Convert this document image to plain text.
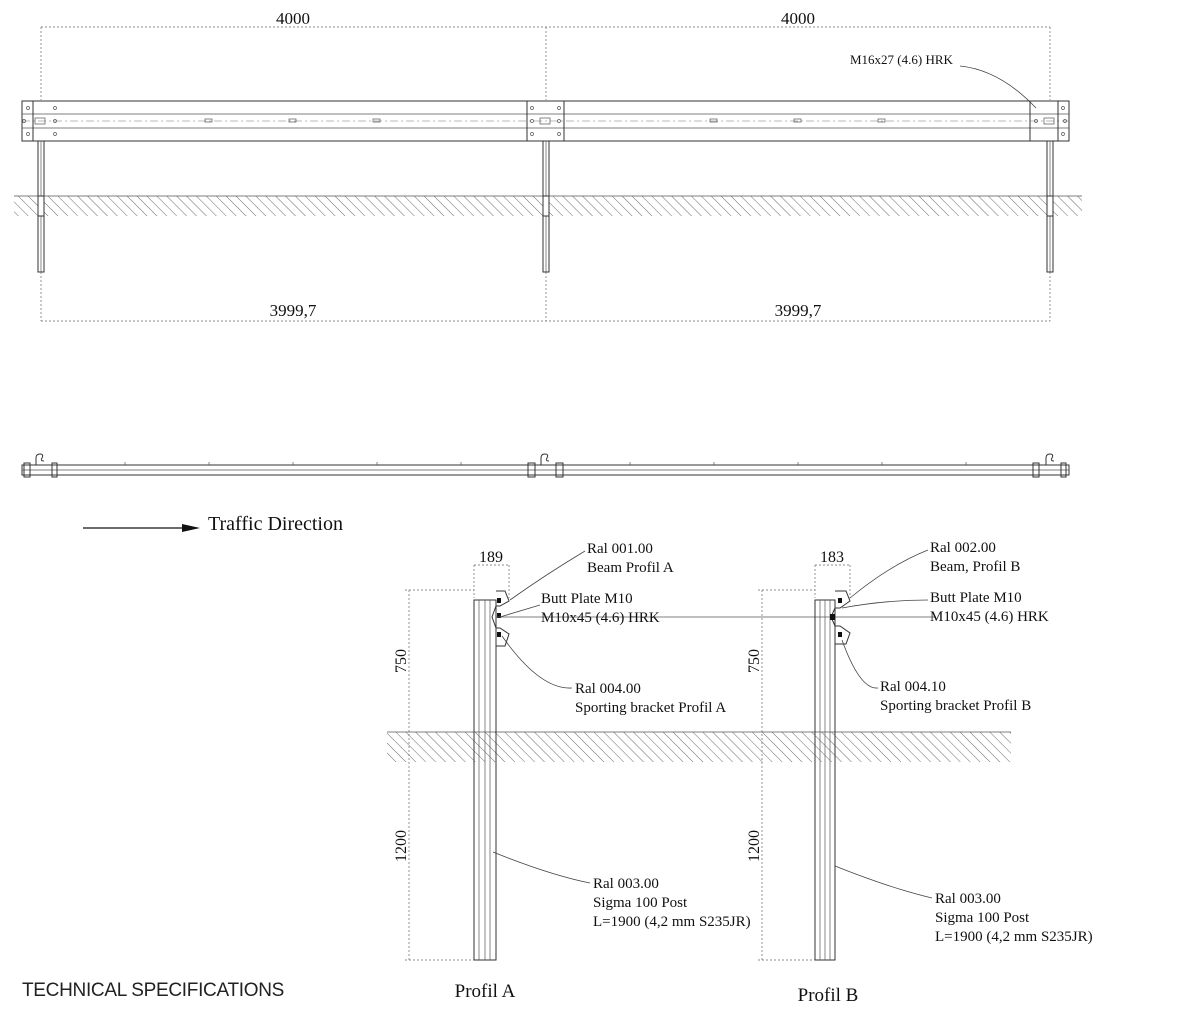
4000	4000
M16x27 (4.6) HRK
3999,7	3999,7
Traffic Direction
189
750
1200
Ral 001.00
Beam Profil A
Butt Plate M10
M10x45 (4.6) HRK
Ral 004.00
Sporting bracket Profil A
Ral 003.00
Sigma 100 Post
L=1900 (4,2 mm S235JR)
Profil A
183
750
1200
Ral 002.00
Beam, Profil B
Butt Plate M10
M10x45 (4.6) HRK
Ral 004.10
Sporting bracket Profil B
Ral 003.00
Sigma 100 Post
L=1900 (4,2 mm S235JR)
Profil B
TECHNICAL SPECIFICATIONS
